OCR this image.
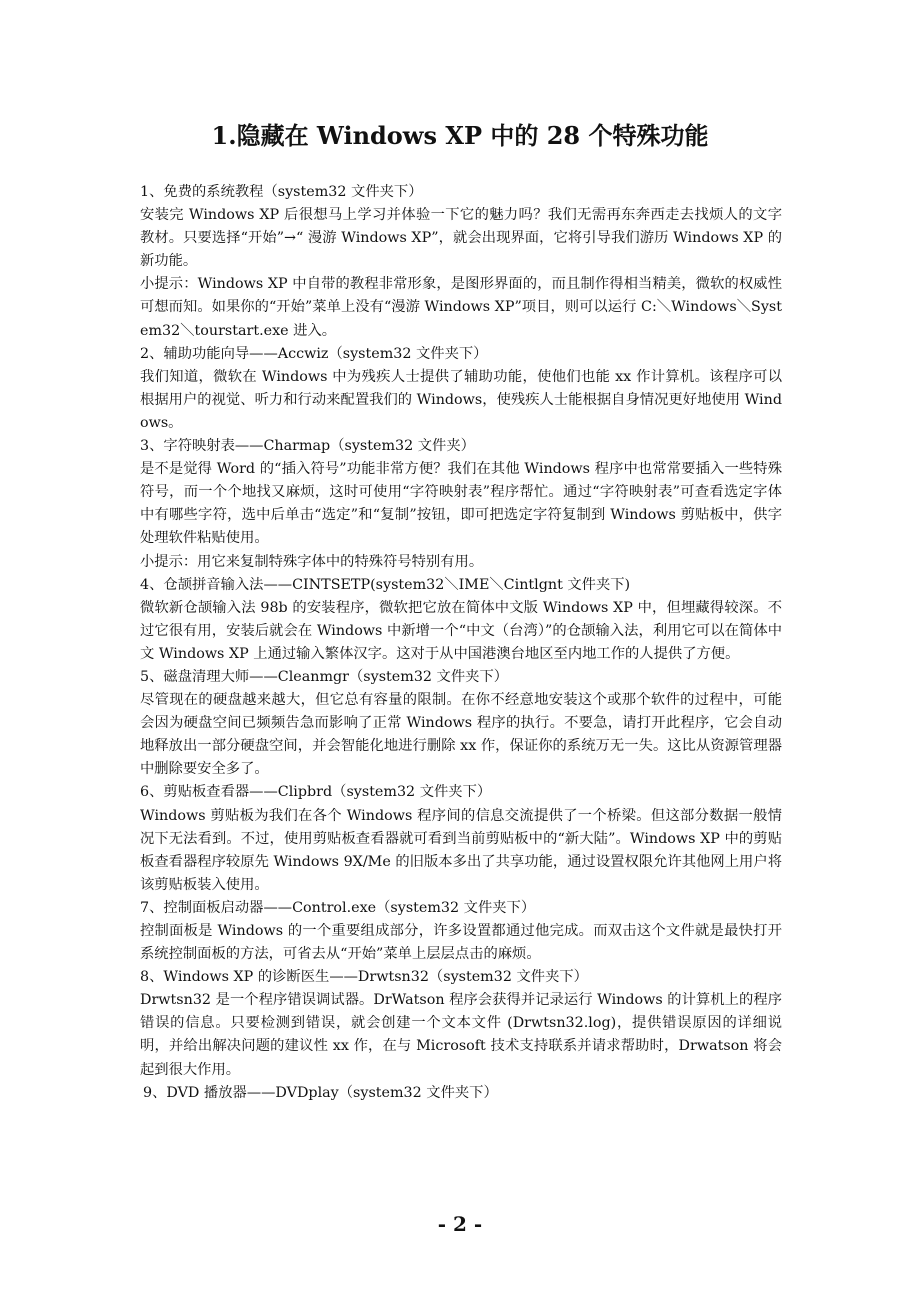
1.隐藏在 Windows XP 中的 28 个特殊功能

1、免费的系统教程（system32 文件夹下）

安装完 Windows XP 后很想马上学习并体验一下它的魅力吗？我们无需再东奔西走去找烦人的文字教材。只要选择“开始”→“ 漫游 Windows XP”，就会出现界面，它将引导我们游历 Windows XP 的新功能。

小提示：Windows XP 中自带的教程非常形象，是图形界面的，而且制作得相当精美，微软的权威性可想而知。如果你的“开始”菜单上没有“漫游 Windows XP”项目，则可以运行 C:＼Windows＼System32＼tourstart.exe 进入。

2、辅助功能向导——Accwiz（system32 文件夹下）

我们知道，微软在 Windows 中为残疾人士提供了辅助功能，使他们也能 xx 作计算机。该程序可以根据用户的视觉、听力和行动来配置我们的 Windows，使残疾人士能根据自身情况更好地使用 Windows。

3、字符映射表——Charmap（system32 文件夹）

是不是觉得 Word 的“插入符号”功能非常方便？我们在其他 Windows 程序中也常常要插入一些特殊符号，而一个个地找又麻烦，这时可使用“字符映射表”程序帮忙。通过“字符映射表”可查看选定字体中有哪些字符，选中后单击“选定”和“复制”按钮，即可把选定字符复制到 Windows 剪贴板中，供字处理软件粘贴使用。

小提示：用它来复制特殊字体中的特殊符号特别有用。

4、仓颉拼音输入法——CINTSETP(system32＼IME＼Cintlgnt 文件夹下)

微软新仓颉输入法 98b 的安装程序，微软把它放在简体中文版 Windows XP 中，但埋藏得较深。不过它很有用，安装后就会在 Windows 中新增一个“中文（台湾）”的仓颉输入法，利用它可以在简体中文 Windows XP 上通过输入繁体汉字。这对于从中国港澳台地区至内地工作的人提供了方便。

5、磁盘清理大师——Cleanmgr（system32 文件夹下）

尽管现在的硬盘越来越大，但它总有容量的限制。在你不经意地安装这个或那个软件的过程中，可能会因为硬盘空间已频频告急而影响了正常 Windows 程序的执行。不要急，请打开此程序，它会自动地释放出一部分硬盘空间，并会智能化地进行删除 xx 作，保证你的系统万无一失。这比从资源管理器中删除要安全多了。

6、剪贴板查看器——Clipbrd（system32 文件夹下）

Windows 剪贴板为我们在各个 Windows 程序间的信息交流提供了一个桥梁。但这部分数据一般情况下无法看到。不过，使用剪贴板查看器就可看到当前剪贴板中的“新大陆”。Windows XP 中的剪贴板查看器程序较原先 Windows 9X/Me 的旧版本多出了共享功能，通过设置权限允许其他网上用户将该剪贴板装入使用。

7、控制面板启动器——Control.exe（system32 文件夹下）

控制面板是 Windows 的一个重要组成部分，许多设置都通过他完成。而双击这个文件就是最快打开系统控制面板的方法，可省去从“开始”菜单上层层点击的麻烦。

8、Windows XP 的诊断医生——Drwtsn32（system32 文件夹下）

Drwtsn32 是一个程序错误调试器。DrWatson 程序会获得并记录运行 Windows 的计算机上的程序错误的信息。只要检测到错误，就会创建一个文本文件 (Drwtsn32.log)，提供错误原因的详细说明，并给出解决问题的建议性 xx 作，在与 Microsoft 技术支持联系并请求帮助时，Drwatson 将会起到很大作用。

9、DVD 播放器——DVDplay（system32 文件夹下）

- 2 -
